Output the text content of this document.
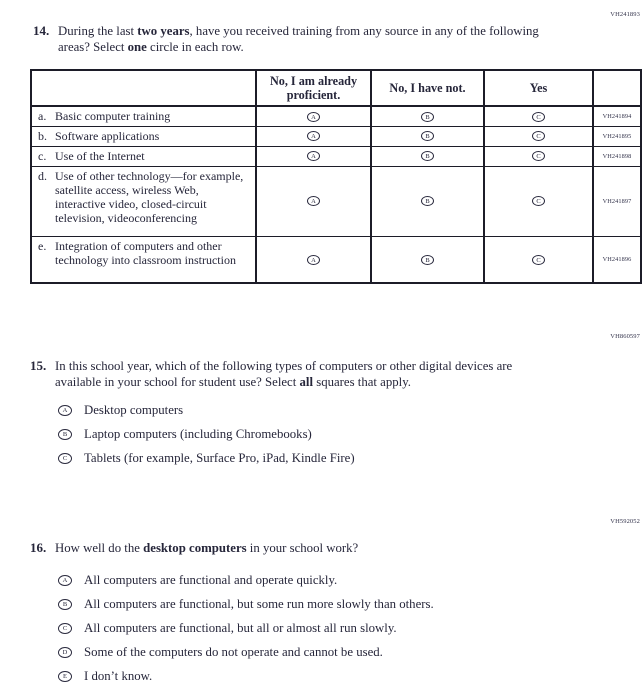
VH241893
14. During the last two years, have you received training from any source in any of the following areas? Select one circle in each row.

	No, I am already proficient.	No, I have not.	Yes	

a. Basic computer training	A	B	C	VH241894

b. Software applications	A	B	C	VH241895

c. Use of the Internet	A	B	C	VH241898

d. Use of other technology—for example, satellite access, wireless Web, interactive video, closed-circuit television, videoconferencing	A	B	C	VH241897

e. Integration of computers and other technology into classroom instruction	A	B	C	VH241896
VH860597
15. In this school year, which of the following types of computers or other digital devices are available in your school for student use? Select all squares that apply.

A	Desktop computers
B	Laptop computers (including Chromebooks)
C	Tablets (for example, Surface Pro, iPad, Kindle Fire)
VH592052
16. How well do the desktop computers in your school work?

A	All computers are functional and operate quickly.
B	All computers are functional, but some run more slowly than others.
C	All computers are functional, but all or almost all run slowly.
D	Some of the computers do not operate and cannot be used.
E	I don’t know.
